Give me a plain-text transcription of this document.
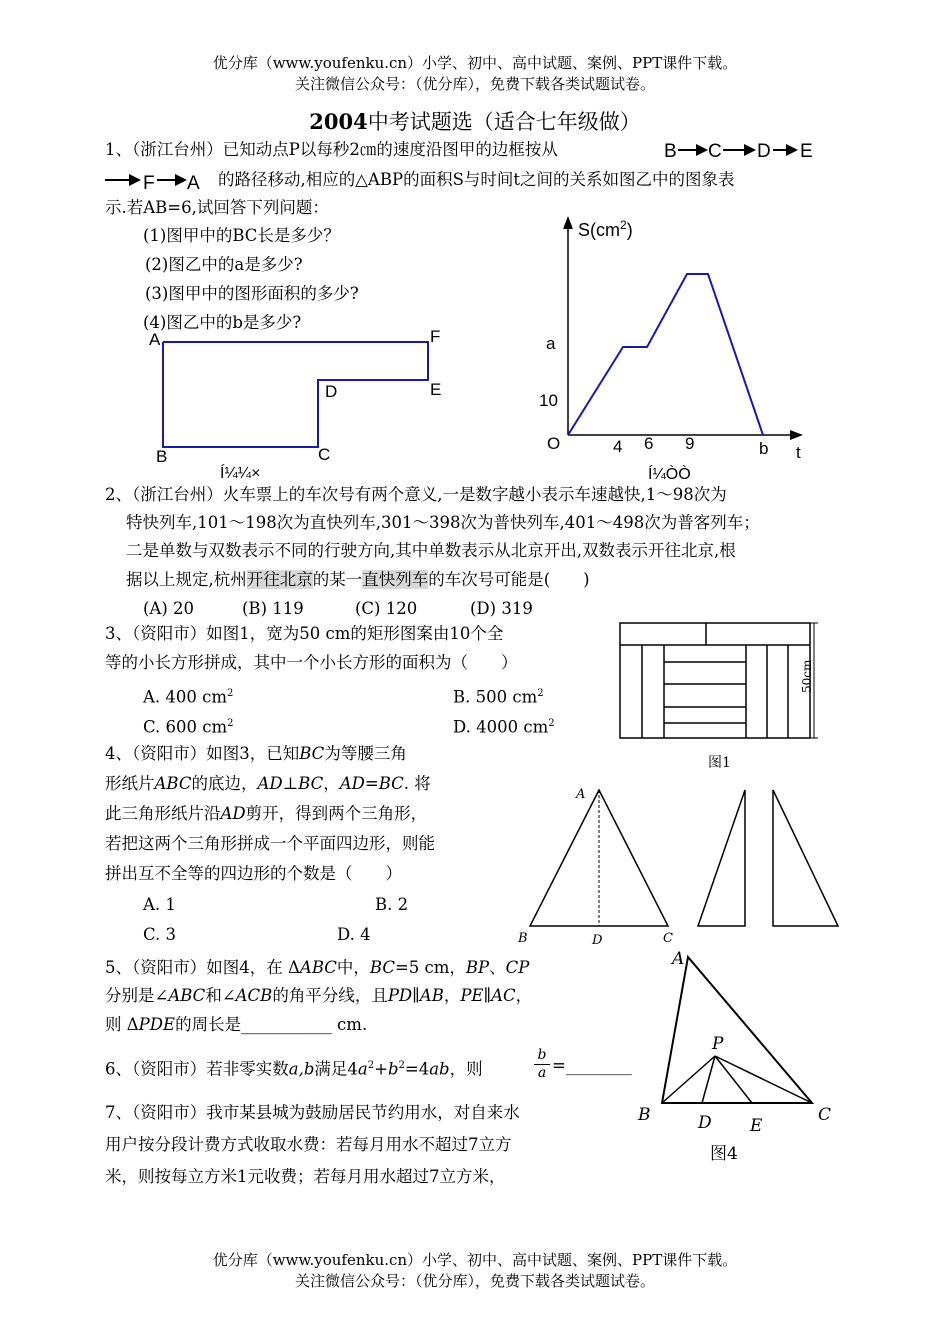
优分库（www.youfenku.cn）小学、初中、高中试题、案例、PPT课件下载。
关注微信公众号：（优分库），免费下载各类试题试卷。
2004中考试题选（适合七年级做）
1、（浙江台州）已知动点P以每秒2㎝的速度沿图甲的边框按从	B C D E
F A 的路径移动,相应的△ABP的面积S与时间t之间的关系如图乙中的图象表
示.若AB=6,试回答下列问题：
(1)图甲中的BC长是多少？
(2)图乙中的a是多少?
(3)图甲中的图形面积的多少?
(4)图乙中的b是多少?
A	F
D	E
B	C
Í¼¼×
$S(cm^2)$
a
10
O	4 6 9	b t
Í¼ÒÒ
2、（浙江台州）火车票上的车次号有两个意义,一是数字越小表示车速越快,1～98次为
特快列车,101～198次为直快列车,301～398次为普快列车,401～498次为普客列车；
二是单数与双数表示不同的行驶方向,其中单数表示从北京开出,双数表示开往北京,根
据以上规定,杭州开往北京的某一直快列车的车次号可能是(　　)
(A) 20	(B) 119	(C) 120	(D) 319
3、（资阳市）如图1，宽为50 cm的矩形图案由10个全
等的小长方形拼成，其中一个小长方形的面积为（　　）
A. 400 $cm^2$	B. 500 $cm^2$
C. 600 $cm^2$	D. 4000 $cm^2$
50cm
图1
4、（资阳市）如图3，已知BC为等腰三角
形纸片ABC的底边，AD⊥BC，AD=BC. 将
此三角形纸片沿AD剪开，得到两个三角形，
若把这两个三角形拼成一个平面四边形，则能
拼出互不全等的四边形的个数是（　　）
A. 1	B. 2
C. 3	D. 4
A
B	D	C
5、（资阳市）如图4，在 ΔABC中，BC=5 cm，BP、CP
分别是∠ABC和∠ACB的角平分线，且PD∥AB，PE∥AC，
则 ΔPDE的周长是___________ cm.
A
P
B	D E
C
图4
6、（资阳市）若非零实数a,b满足$4a^2+b^2=4ab$，则
b
a =________
7、（资阳市）我市某县城为鼓励居民节约用水，对自来水
用户按分段计费方式收取水费：若每月用水不超过7立方
米，则按每立方米1元收费；若每月用水超过7立方米，
优分库（www.youfenku.cn）小学、初中、高中试题、案例、PPT课件下载。
关注微信公众号：（优分库），免费下载各类试题试卷。
